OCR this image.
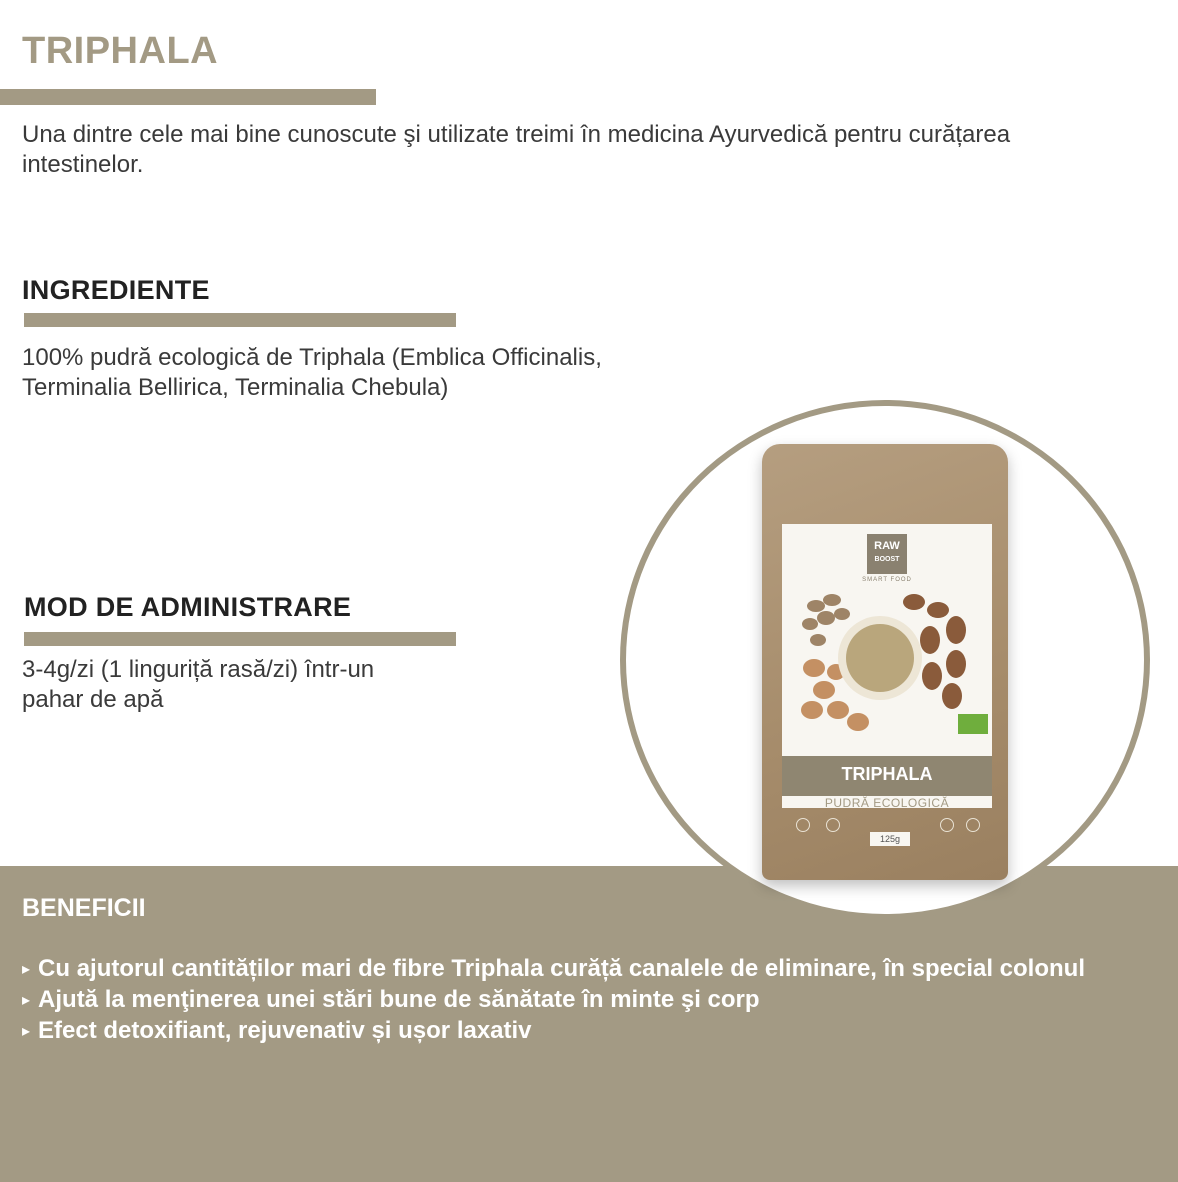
TRIPHALA

Una dintre cele mai bine cunoscute şi utilizate treimi în medicina Ayurvedică pentru curățarea intestinelor.

INGREDIENTE

100% pudră ecologică de Triphala (Emblica Officinalis,

Terminalia Bellirica, Terminalia Chebula)

MOD DE ADMINISTRARE

3-4g/zi (1 linguriță rasă/zi) într-un

pahar de apă

BENEFICII
▸ Cu ajutorul cantităților mari de fibre Triphala curăță canalele de eliminare, în special colonul
▸ Ajută la menţinerea unei stări bune de sănătate în minte şi corp
▸ Efect detoxifiant, rejuvenativ și ușor laxativ
RAW
BOOST
SMART FOOD
TRIPHALA
PUDRĂ ECOLOGICĂ
125g
